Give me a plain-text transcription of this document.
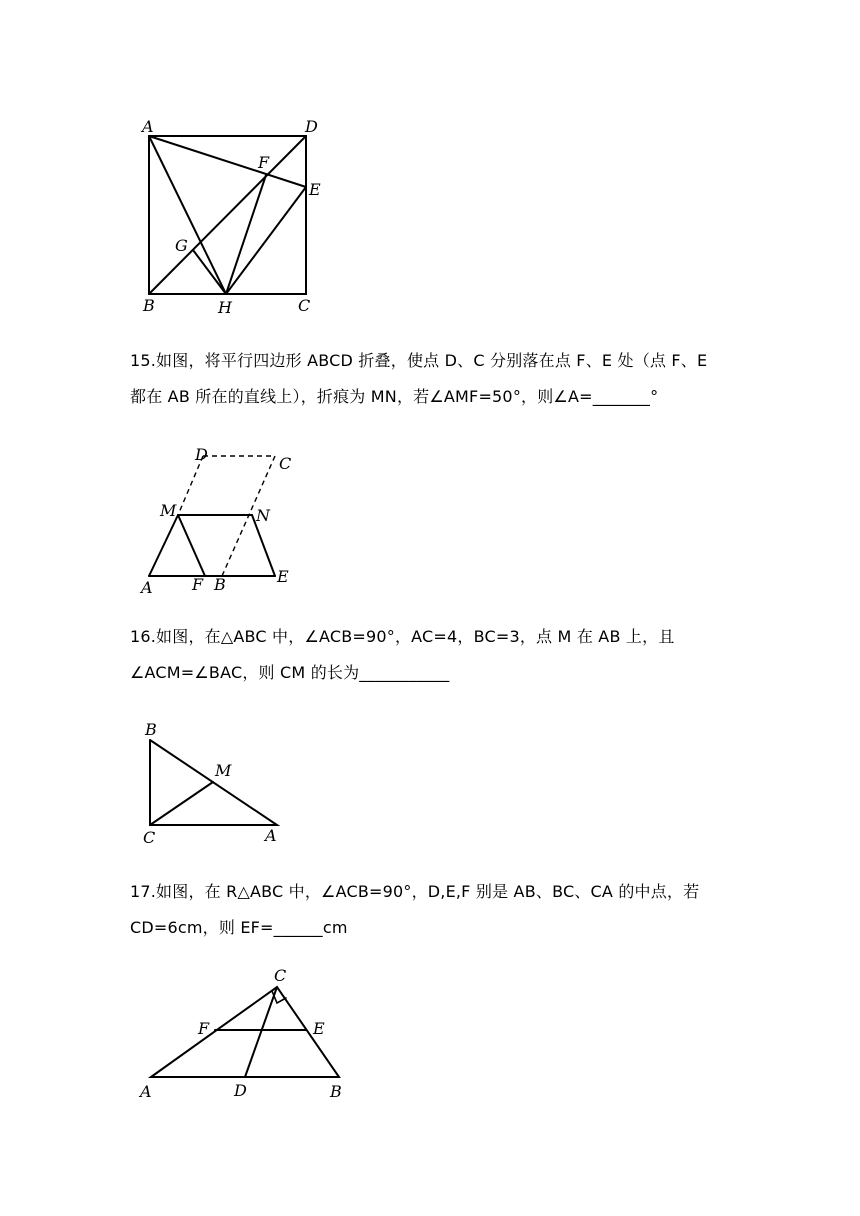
A	D
F
E
G
B	H	C

15.如图，将平行四边形 ABCD 折叠，使点 D、C 分别落在点 F、E 处（点 F、E

都在 AB 所在的直线上），折痕为 MN，若∠AMF=50°，则∠A=_______°

D	C
M	N
A F B	E

16.如图，在△ABC 中，∠ACB=90°，AC=4，BC=3，点 M 在 AB 上，且

∠ACM=∠BAC，则 CM 的长为___________

B
M
C	A

17.如图，在 R△ABC 中，∠ACB=90°，D,E,F 别是 AB、BC、CA 的中点，若

CD=6cm，则 EF=______cm

C
F	E
A	D	B
